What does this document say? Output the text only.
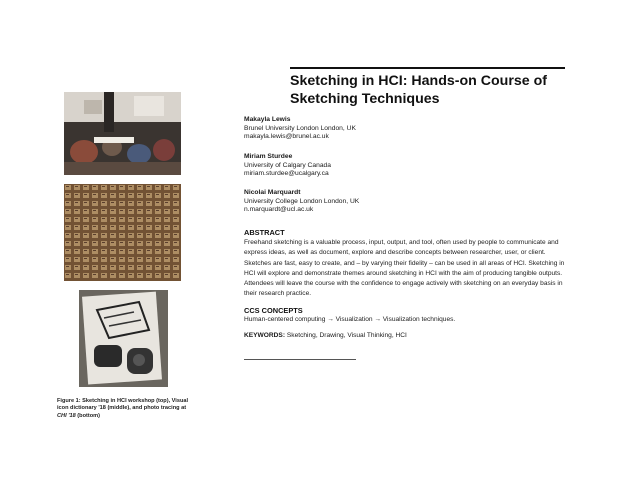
Figure 1: Sketching in HCI workshop (top), Visual icon dictionary '18 (middle), and photo tracing at CHI '18 (bottom)
Sketching in HCI: Hands-on Course of Sketching Techniques
Makayla Lewis
Brunel University London London, UK
makayla.lewis@brunel.ac.uk
Miriam Sturdee
University of Calgary Canada
miriam.sturdee@ucalgary.ca
Nicolai Marquardt
University College London London, UK
n.marquardt@ucl.ac.uk
ABSTRACT
Freehand sketching is a valuable process, input, output, and tool, often used by people to communicate and express ideas, as well as document, explore and describe concepts between researcher, user, or client. Sketches are fast, easy to create, and – by varying their fidelity – can be used in all areas of HCI. Sketching in HCI will explore and demonstrate themes around sketching in HCI with the aim of producing tangible outputs. Attendees will leave the course with the confidence to engage actively with sketching on an everyday basis in their research practice.
CCS CONCEPTS
Human-centered computing → Visualization → Visualization techniques.
KEYWORDS: Sketching, Drawing, Visual Thinking, HCI
